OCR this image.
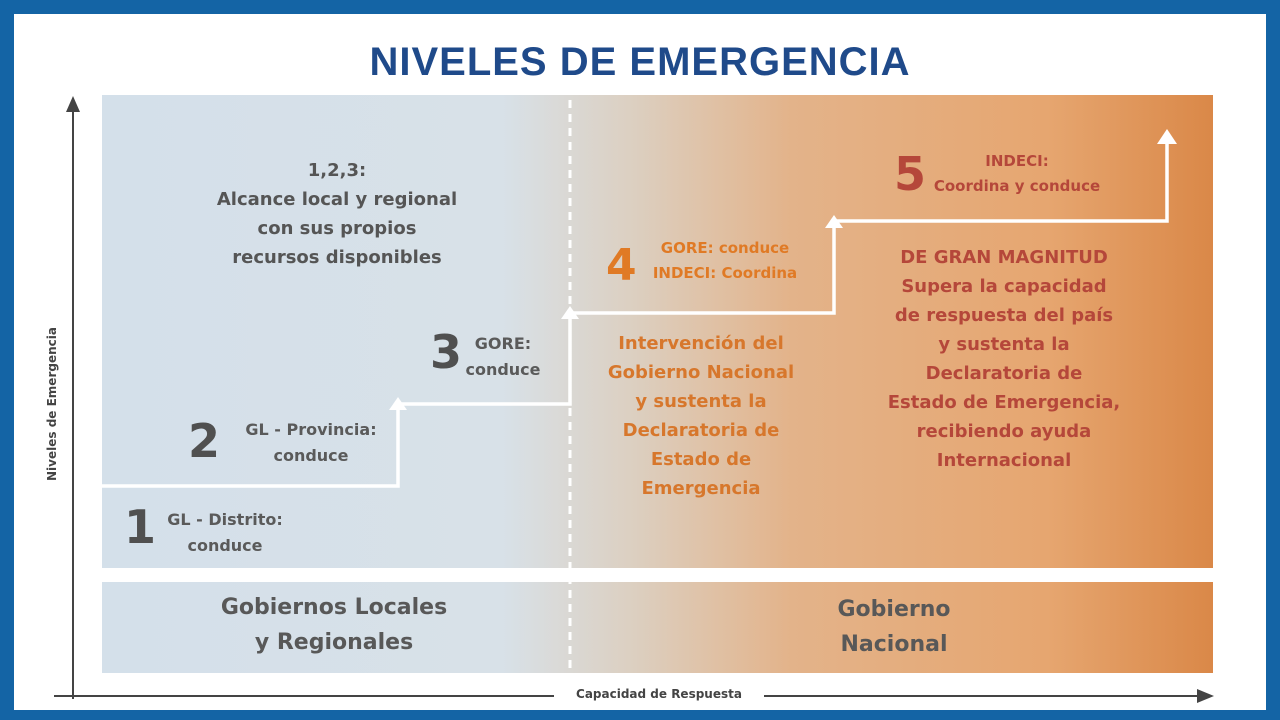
NIVELES DE EMERGENCIA
Niveles de Emergencia
Capacidad de Respuesta
1 GL - Distrito:
conduce
2	GL - Provincia:
conduce
3 GORE:
conduce
4	GORE: conduce
INDECI: Coordina
5	INDECI:
Coordina y conduce
1,2,3:
Alcance local y regional
con sus propios
recursos disponibles
Intervención del
Gobierno Nacional
y sustenta la
Declaratoria de
Estado de
Emergencia
DE GRAN MAGNITUD
Supera la capacidad
de respuesta del país
y sustenta la
Declaratoria de
Estado de Emergencia,
recibiendo ayuda
Internacional
Gobiernos Locales
y Regionales
Gobierno
Nacional
